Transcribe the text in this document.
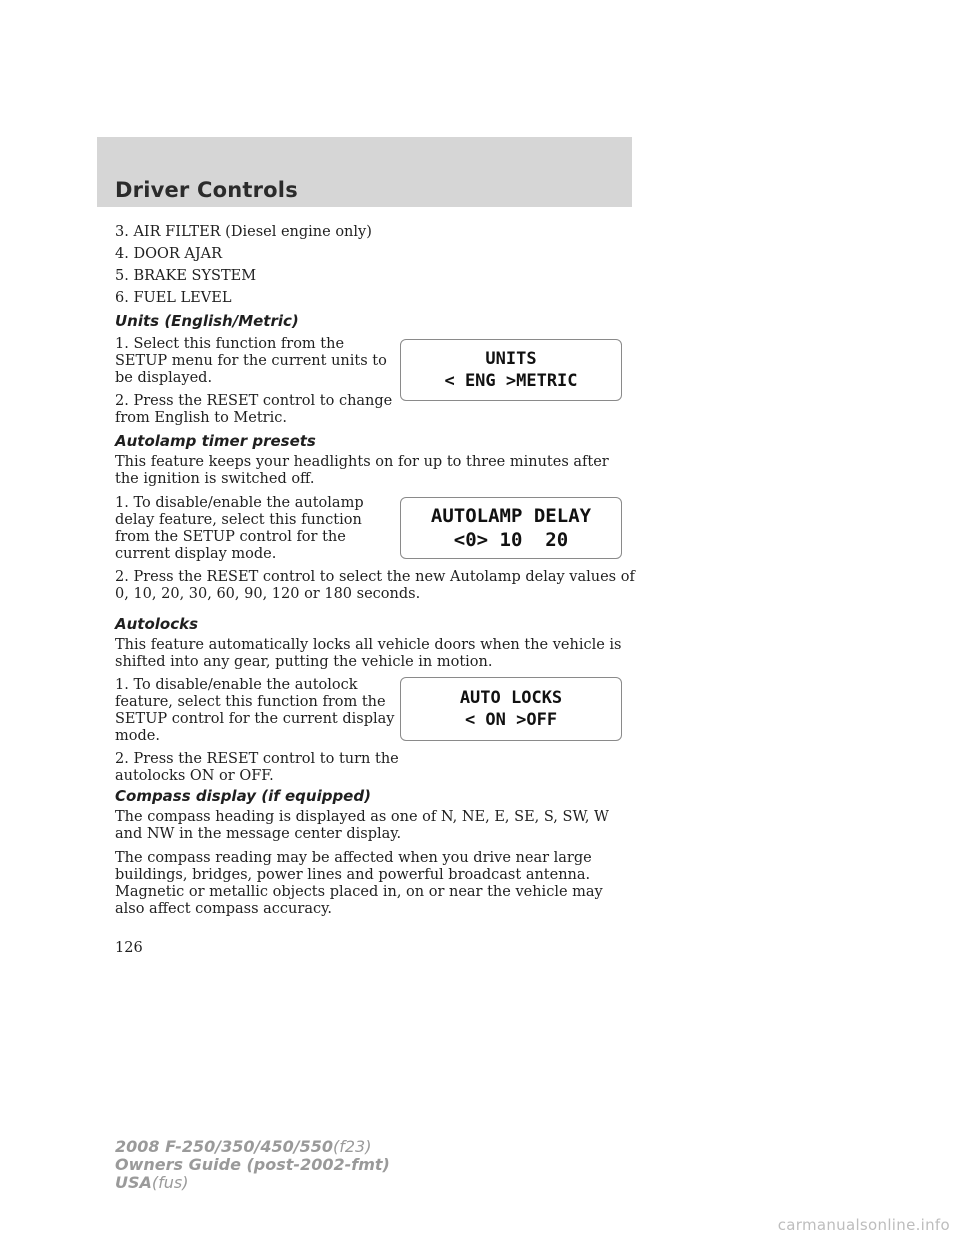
Driver Controls

3. AIR FILTER (Diesel engine only)

4. DOOR AJAR

5. BRAKE SYSTEM

6. FUEL LEVEL

Units (English/Metric)

1. Select this function from the SETUP menu for the current units to be displayed.

2. Press the RESET control to change from English to Metric.

UNITS
< ENG >METRIC
Autolamp timer presets

This feature keeps your headlights on for up to three minutes after the ignition is switched off.

1. To disable/enable the autolamp delay feature, select this function from the SETUP control for the current display mode.

2. Press the RESET control to select the new Autolamp delay values of 0, 10, 20, 30, 60, 90, 120 or 180 seconds.

AUTOLAMP DELAY
<0> 10  20
Autolocks

This feature automatically locks all vehicle doors when the vehicle is shifted into any gear, putting the vehicle in motion.

1. To disable/enable the autolock feature, select this function from the SETUP control for the current display mode.

2. Press the RESET control to turn the autolocks ON or OFF.

AUTO LOCKS
< ON >OFF
Compass display (if equipped)

The compass heading is displayed as one of N, NE, E, SE, S, SW, W and NW in the message center display.

The compass reading may be affected when you drive near large buildings, bridges, power lines and powerful broadcast antenna. Magnetic or metallic objects placed in, on or near the vehicle may also affect compass accuracy.

126

2008 F-250/350/450/550(f23)
Owners Guide (post-2002-fmt)
USA(fus)

carmanualsonline.info
